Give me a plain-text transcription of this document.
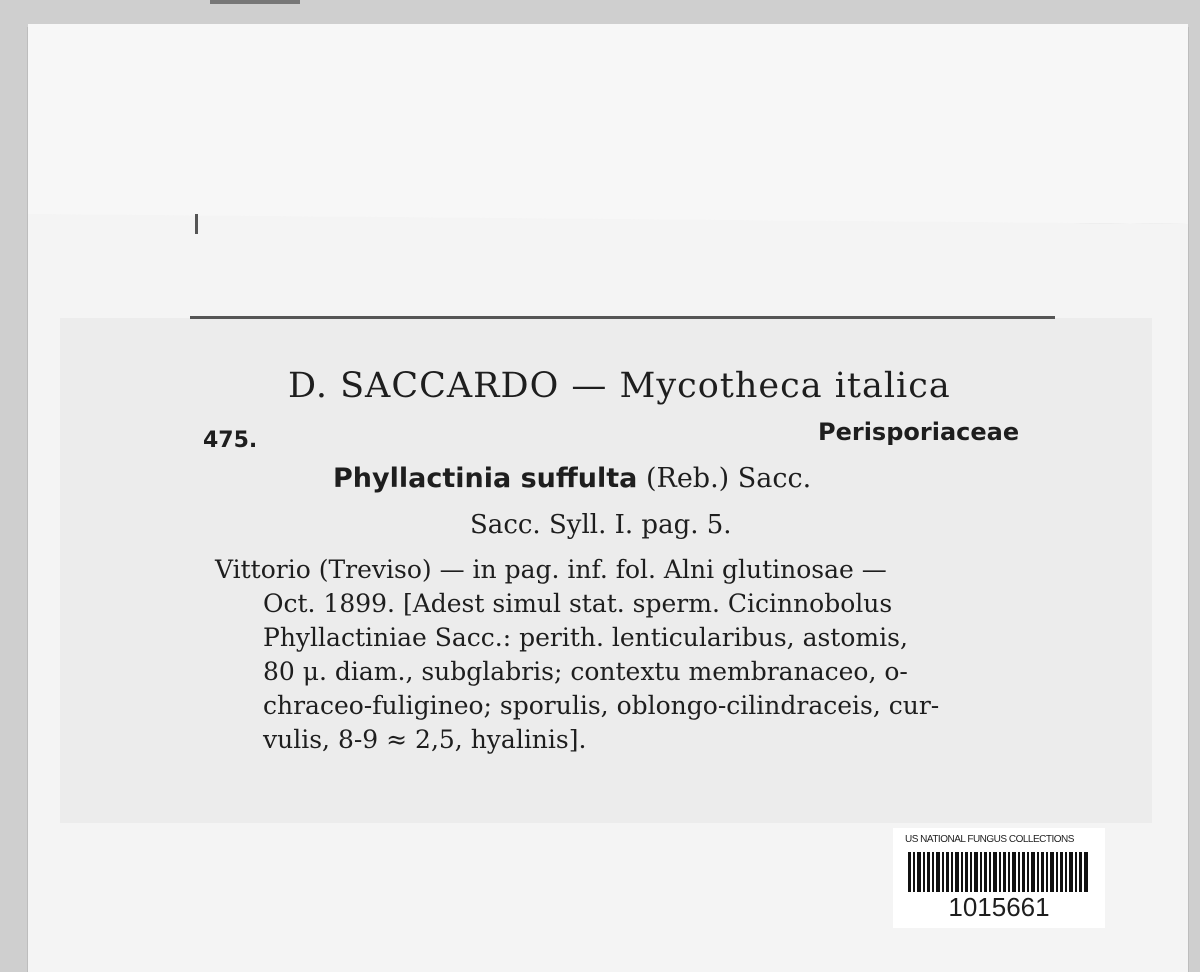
D. SACCARDO — Mycotheca italica
475.	Perisporiaceae
Phyllactinia suffulta (Reb.) Sacc.
Sacc. Syll. I. pag. 5.
Vittorio (Treviso) — in pag. inf. fol. Alni glutinosae —
Oct. 1899. [Adest simul stat. sperm. Cicinnobolus
Phyllactiniae Sacc.: perith. lenticularibus, astomis,
80 μ. diam., subglabris; contextu membranaceo, o-
chraceo-fuligineo; sporulis, oblongo-cilindraceis, cur-
vulis, 8-9 ≈ 2,5, hyalinis].
US NATIONAL FUNGUS COLLECTIONS
1015661
